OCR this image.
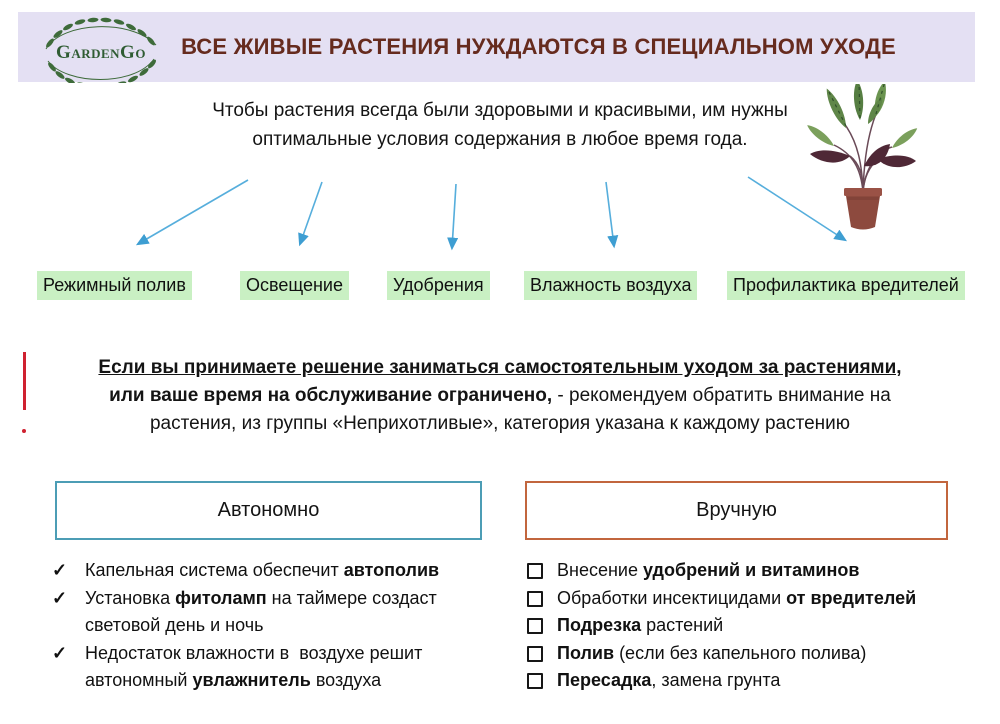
GardenGo	ВСЕ ЖИВЫЕ РАСТЕНИЯ НУЖДАЮТСЯ В СПЕЦИАЛЬНОМ УХОДЕ
Чтобы растения всегда были здоровыми и красивыми, им нужны
оптимальные условия содержания в любое время года.
Режимный полив	Освещение	Удобрения	Влажность воздуха	Профилактика вредителей
Если вы принимаете решение заниматься самостоятельным уходом за растениями,
или ваше время на обслуживание ограничено, - рекомендуем обратить внимание на
растения, из группы «Неприхотливые», категория указана к каждому растению
Автономно	Вручную
✓ Капельная система обеспечит автополив
✓ Установка фитоламп на таймере создаст световой день и ночь
✓ Недостаток влажности в  воздухе решит автономный увлажнитель воздуха
Внесение удобрений и витаминов
Обработки инсектицидами от вредителей
Подрезка растений
Полив (если без капельного полива)
Пересадка, замена грунта
